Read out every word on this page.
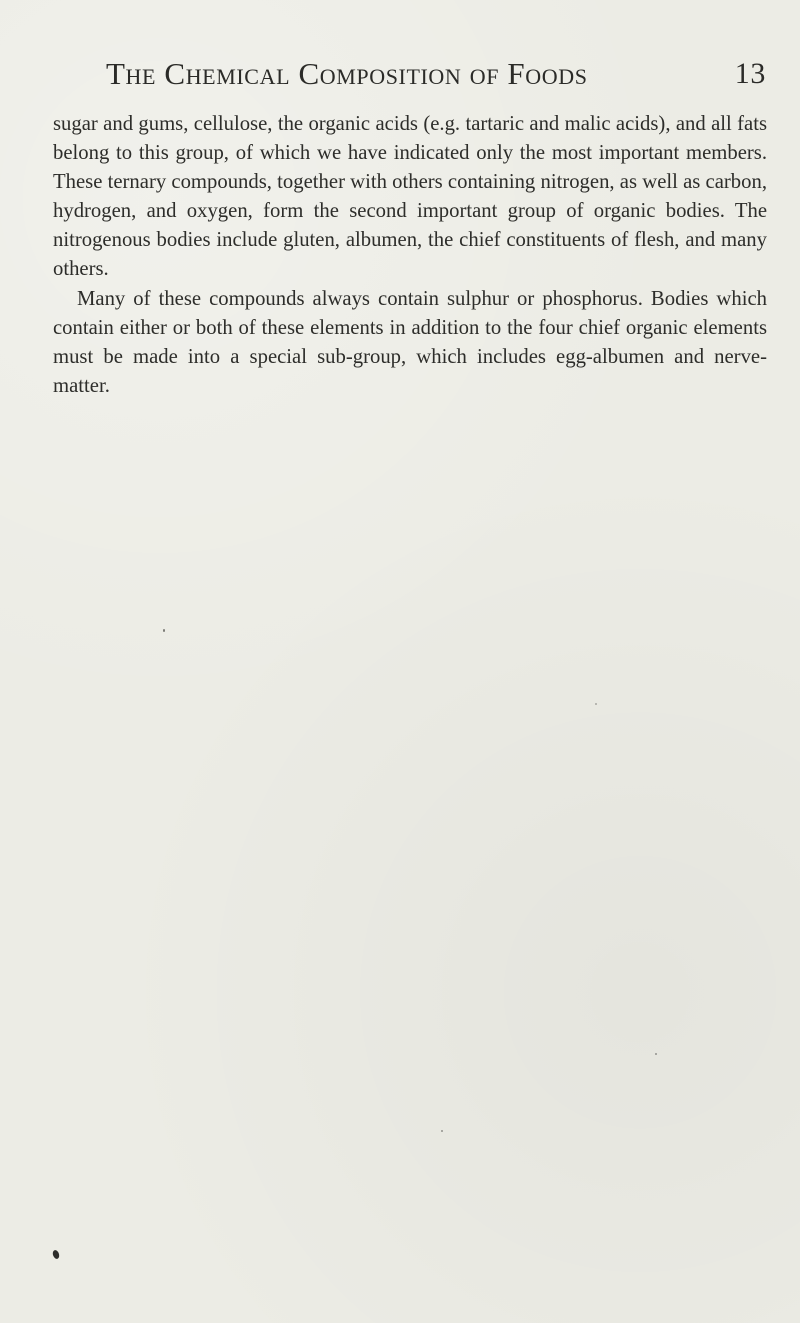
The Chemical Composition of Foods	13

sugar and gums, cellulose, the organic acids (e.g. tartaric and malic acids), and all fats belong to this group, of which we have indicated only the most important members. These ternary compounds, together with others containing nitrogen, as well as carbon, hydrogen, and oxygen, form the second important group of organic bodies. The nitrogenous bodies include gluten, albumen, the chief constituents of flesh, and many others.

Many of these compounds always contain sulphur or phosphorus. Bodies which contain either or both of these elements in addition to the four chief organic elements must be made into a special sub-group, which includes egg-albumen and nerve-matter.
